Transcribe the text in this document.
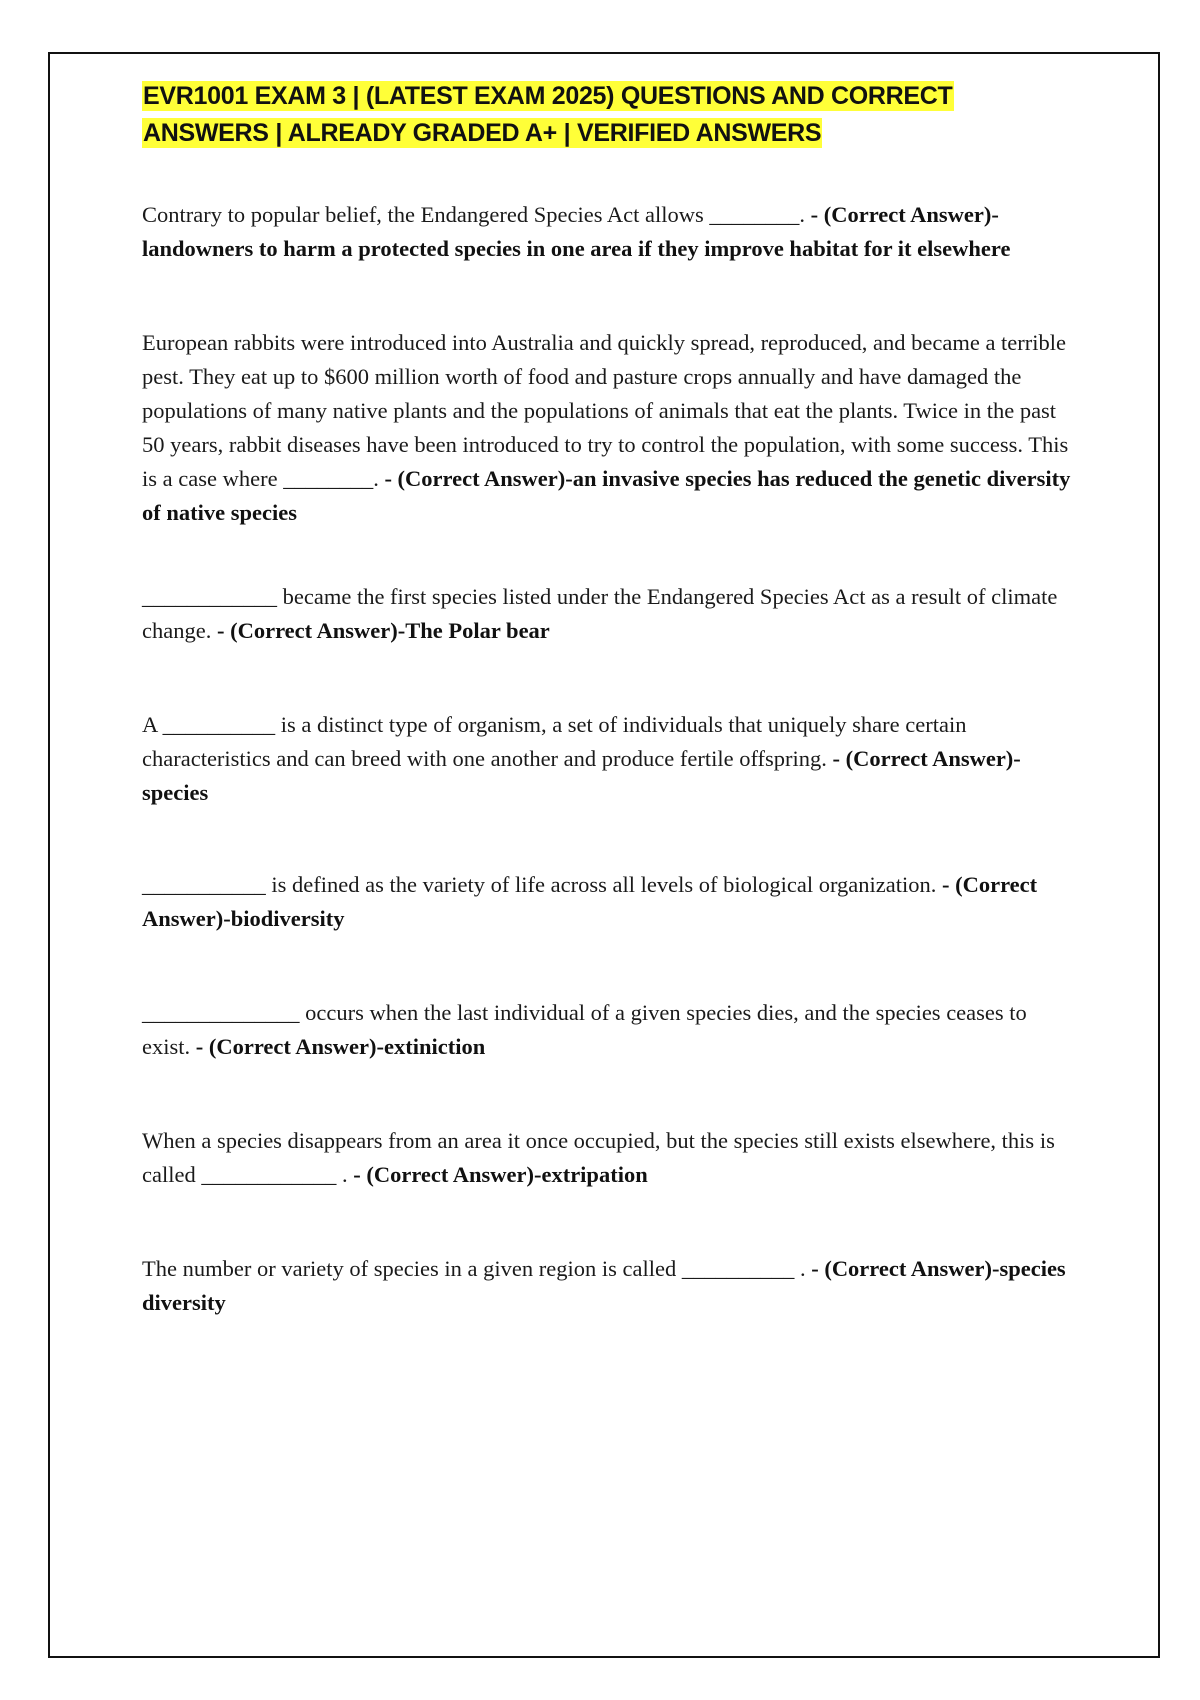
EVR1001 EXAM 3 | (LATEST EXAM 2025) QUESTIONS AND CORRECT ANSWERS | ALREADY GRADED A+ | VERIFIED ANSWERS

Contrary to popular belief, the Endangered Species Act allows ________. - (Correct Answer)-landowners to harm a protected species in one area if they improve habitat for it elsewhere

European rabbits were introduced into Australia and quickly spread, reproduced, and became a terrible pest. They eat up to $600 million worth of food and pasture crops annually and have damaged the populations of many native plants and the populations of animals that eat the plants. Twice in the past 50 years, rabbit diseases have been introduced to try to control the population, with some success. This is a case where ________. - (Correct Answer)-an invasive species has reduced the genetic diversity of native species

____________ became the first species listed under the Endangered Species Act as a result of climate change. - (Correct Answer)-The Polar bear

A __________ is a distinct type of organism, a set of individuals that uniquely share certain characteristics and can breed with one another and produce fertile offspring. - (Correct Answer)-species

___________ is defined as the variety of life across all levels of biological organization. - (Correct Answer)-biodiversity

______________ occurs when the last individual of a given species dies, and the species ceases to exist. - (Correct Answer)-extiniction

When a species disappears from an area it once occupied, but the species still exists elsewhere, this is called ____________ . - (Correct Answer)-extripation

The number or variety of species in a given region is called __________ . - (Correct Answer)-species diversity
